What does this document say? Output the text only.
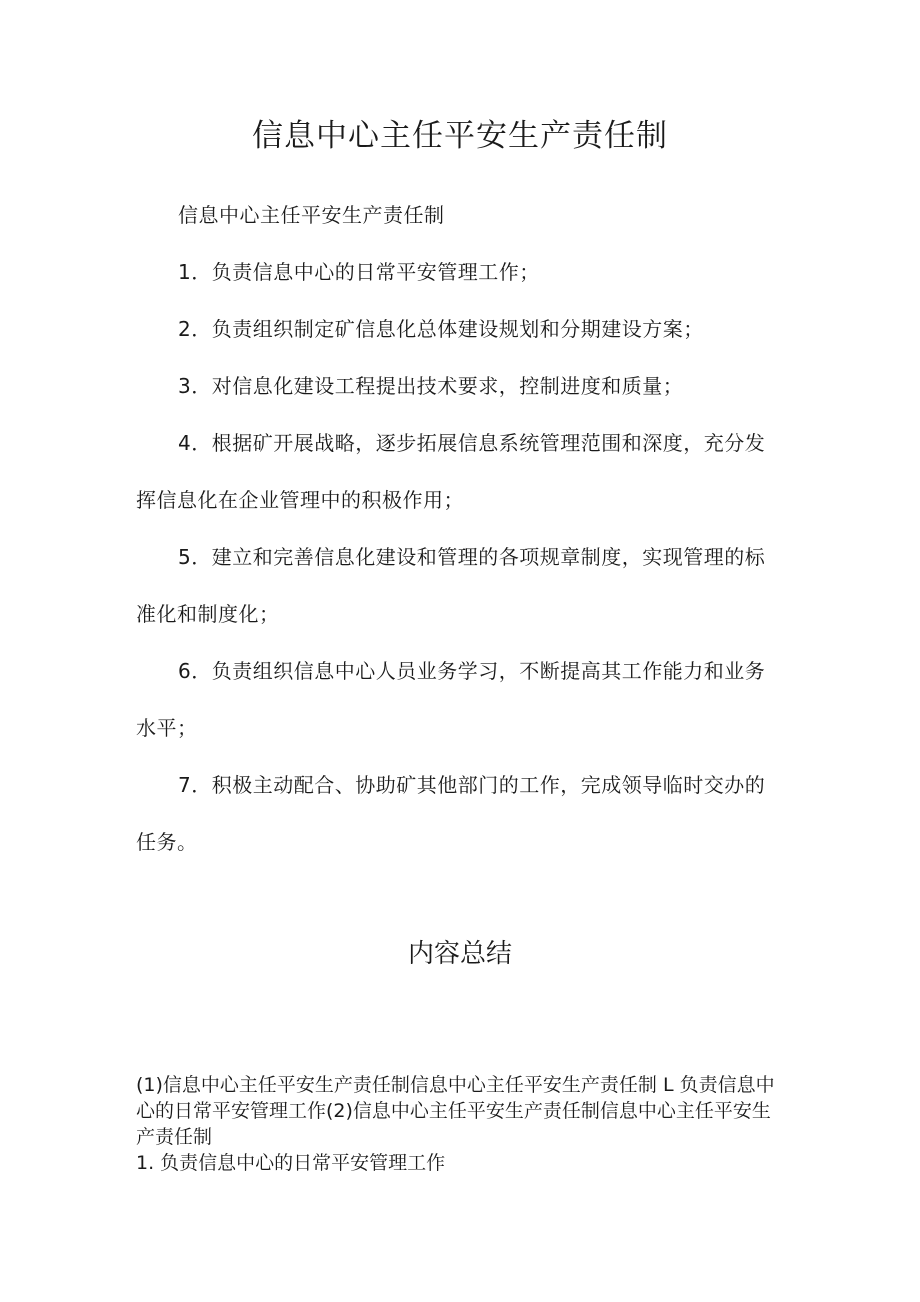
信息中心主任平安生产责任制

信息中心主任平安生产责任制

1．负责信息中心的日常平安管理工作；

2．负责组织制定矿信息化总体建设规划和分期建设方案；

3．对信息化建设工程提出技术要求，控制进度和质量；

4．根据矿开展战略，逐步拓展信息系统管理范围和深度，充分发挥信息化在企业管理中的积极作用；

5．建立和完善信息化建设和管理的各项规章制度，实现管理的标准化和制度化；

6．负责组织信息中心人员业务学习，不断提高其工作能力和业务水平；

7．积极主动配合、协助矿其他部门的工作，完成领导临时交办的任务。

内容总结

(1)信息中心主任平安生产责任制信息中心主任平安生产责任制 L 负责信息中心的日常平安管理工作(2)信息中心主任平安生产责任制信息中心主任平安生产责任制

1. 负责信息中心的日常平安管理工作
